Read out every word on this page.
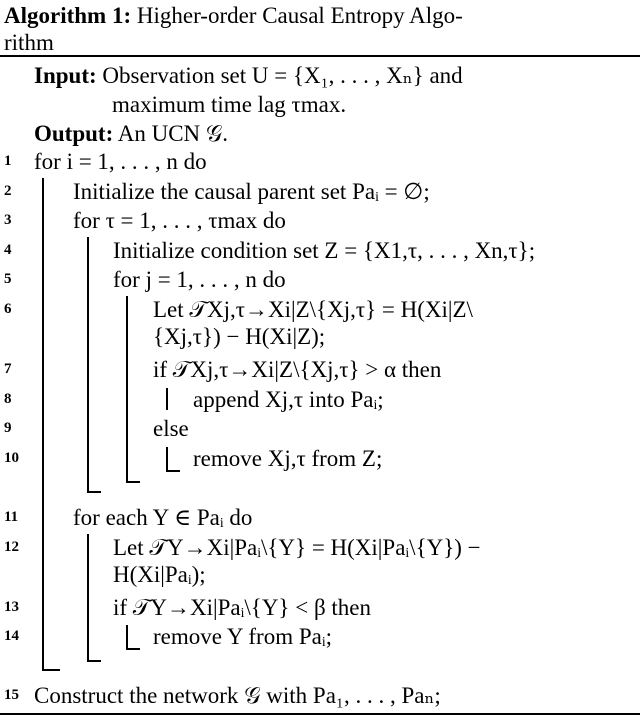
Algorithm 1: Higher-order Causal Entropy Algo-
rithm
Input: Observation set U = {X₁, . . . , Xₙ} and
maximum time lag τmax.
Output: An UCN 𝒢.
1
2
3
4
5
6
7
8
9
10
11
12
13
14
15
for i = 1, . . . , n do
Initialize the causal parent set Paᵢ = ∅;
for τ = 1, . . . , τmax do
Initialize condition set Z = {X1,τ, . . . , Xn,τ};
for j = 1, . . . , n do
Let 𝒯Xj,τ→Xi|Z\{Xj,τ} = H(Xi|Z\{Xj,τ}) − H(Xi|Z);
if 𝒯Xj,τ→Xi|Z\{Xj,τ} > α then
append Xj,τ into Paᵢ;
else
remove Xj,τ from Z;
for each Y ∈ Paᵢ do
Let 𝒯Y→Xi|Paᵢ\{Y} = H(Xi|Paᵢ\{Y}) − H(Xi|Paᵢ);
if 𝒯Y→Xi|Paᵢ\{Y} < β then
remove Y from Paᵢ;
Construct the network 𝒢 with Pa₁, . . . , Paₙ;
